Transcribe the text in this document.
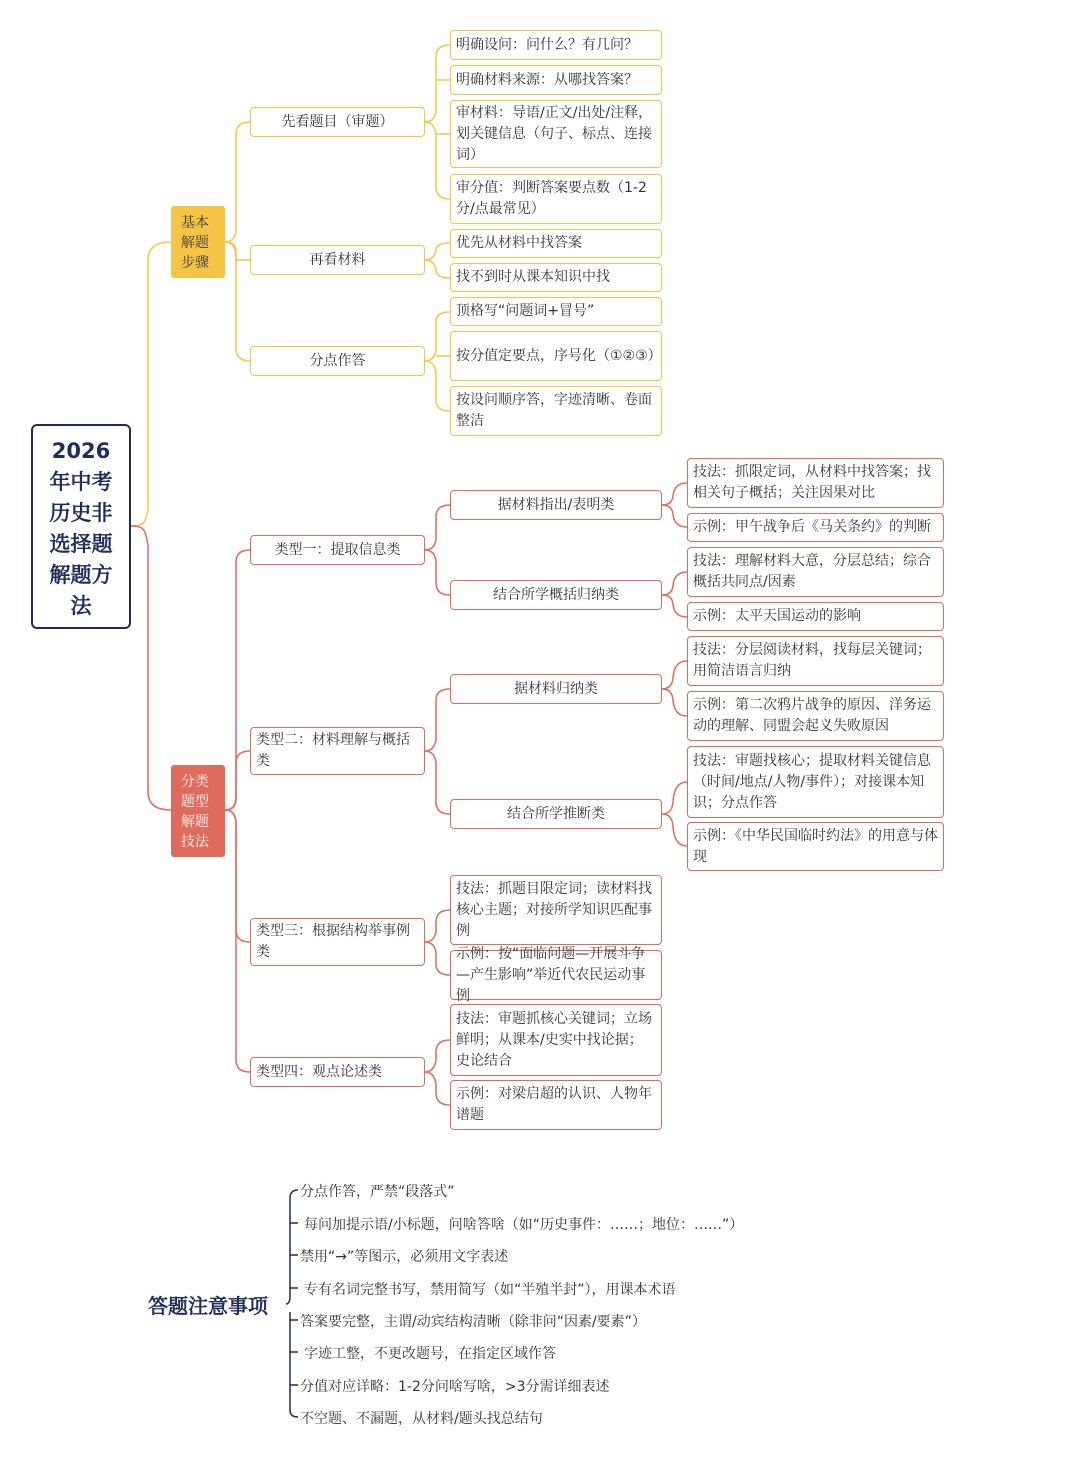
2026年中考历史非选择题解题方法
基本解题步骤
分类题型解题技法
先看题目（审题）
再看材料
分点作答
明确设问：问什么？有几问？
明确材料来源：从哪找答案？
审材料：导语/正文/出处/注释，划关键信息（句子、标点、连接词）
审分值：判断答案要点数（1-2分/点最常见）
优先从材料中找答案
找不到时从课本知识中找
顶格写“问题词+冒号”
按分值定要点，序号化（①②③）
按设问顺序答，字迹清晰、卷面整洁
类型一：提取信息类
类型二：材料理解与概括类
类型三：根据结构举事例类
类型四：观点论述类
据材料指出/表明类
结合所学概括归纳类
技法：抓限定词，从材料中找答案；找相关句子概括；关注因果对比
示例：甲午战争后《马关条约》的判断
技法：理解材料大意，分层总结；综合概括共同点/因素
示例：太平天国运动的影响
据材料归纳类
结合所学推断类
技法：分层阅读材料，找每层关键词；用简洁语言归纳
示例：第二次鸦片战争的原因、洋务运动的理解、同盟会起义失败原因
技法：审题找核心；提取材料关键信息（时间/地点/人物/事件）；对接课本知识；分点作答
示例：《中华民国临时约法》的用意与体现
技法：抓题目限定词；读材料找核心主题；对接所学知识匹配事例
示例：按“面临问题—开展斗争—产生影响”举近代农民运动事例
技法：审题抓核心关键词；立场鲜明；从课本/史实中找论据；史论结合
示例：对梁启超的认识、人物年谱题
答题注意事项
分点作答，严禁“段落式”
每问加提示语/小标题，问啥答啥（如“历史事件：……；地位：……”）
禁用“→”等图示，必须用文字表述
专有名词完整书写，禁用简写（如“半殖半封”），用课本术语
答案要完整，主谓/动宾结构清晰（除非问“因素/要素”）
字迹工整，不更改题号，在指定区域作答
分值对应详略：1-2分问啥写啥，>3分需详细表述
不空题、不漏题，从材料/题头找总结句
